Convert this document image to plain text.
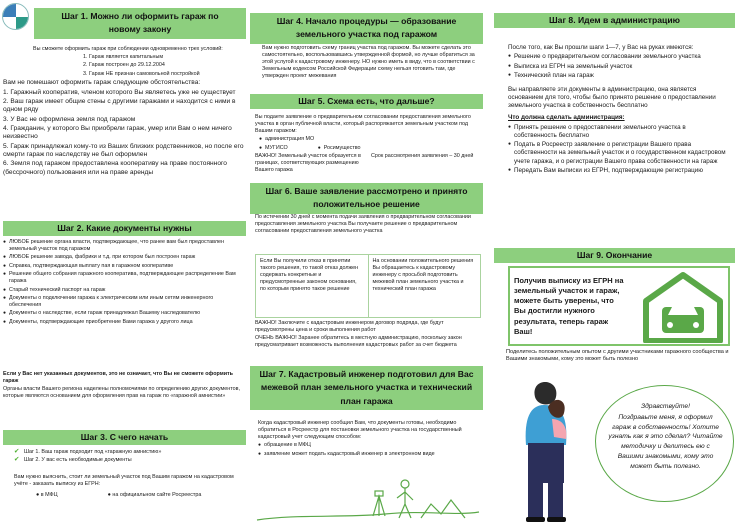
Шаг 1. Можно ли оформить гараж по новому закону

Вы сможете оформить гараж при соблюдении одновременно трех условий:

1. Гараж является капитальным

2. Гараж построен до 29.12.2004

3. Гараж НЕ признан самовольной постройкой

Вам не помешают оформить гараж следующие обстоятельства:

1. Гаражный кооператив, членом которого Вы являетесь уже не существует

2. Ваш гараж имеет общие стены с другими гаражами и находится с ними в одном ряду

3. У Вас не оформлена земля под гаражом

4. Гражданин, у которого Вы приобрели гараж, умер или Вам о нем ничего неизвестно

5. Гараж принадлежал кому-то из Ваших близких родственников, но после его смерти гараж по наследству не был оформлен

6. Земля под гаражом предоставлена кооперативу на праве постоянного (бессрочного) пользования или на праве аренды

Шаг 2. Какие документы нужны
● ЛЮБОЕ решение органа власти, подтверждающее, что ранее вам был предоставлен земельный участок под гаражом
● ЛЮБОЕ решение завода, фабрики и т.д. при котором был построен гараж
● Справка, подтверждающая выплату пая в гаражном кооперативе
● Решение общего собрания гаражного кооператива, подтверждающее распределение Вам гаража
● Старый технический паспорт на гараж
● Документы о подключении гаража к электрическим или иным сетям инженерного обеспечения
● Документы о наследстве, если гараж принадлежал Вашему наследователю
● Документы, подтверждающие приобретение Вами гаража у другого лица

Если у Вас нет указанных документов, это не означает, что Вы не сможете оформить гараж

Органы власти Вашего региона наделены полномочиями по определению других документов, которые являются основанием для оформления прав на гараж по «гаражной амнистии»

Шаг 3. С чего начать
✔ Шаг 1. Ваш гараж подходит под «гаражную амнистию»
✔ Шаг 2. У вас есть необходимые документы

Вам нужно выяснить, стоит ли земельный участок под Вашим гаражом на кадастровом учёте - заказать выписку из ЕГРН:

● в МФЦ	● на официальном сайте Росреестра
Шаг 4. Начало процедуры — образование земельного участка под гаражом

Вам нужно подготовить схему границ участка под гаражом. Вы можете сделать это самостоятельно, воспользовавшись утвержденной формой, но лучше обратиться за этой услугой к кадастровому инженеру. НО нужно иметь в виду, что в соответствии с Земельным кодексом Российской Федерации схему нельзя готовить там, где утвержден проект межевания

Шаг 5. Схема есть, что дальше?

Вы подаете заявление о предварительном согласовании предоставления земельного участка в орган публичной власти, который распоряжается земельным участком под Вашим гаражом:

● администрация МО
● МУГИСО
●	Росимущество

ВАЖНО! Земельный участок образуется в границах, соответствующих размещению Вашего гаража

Срок рассмотрения заявления – 30 дней

Шаг 6. Ваше заявление рассмотрено и принято положительное решение

По истечении 30 дней с момента подачи заявления о предварительном согласовании предоставления земельного участка Вы получаете решение о предварительном согласовании предоставления земельного участка

Если Вы получили отказ в принятии такого решения, то такой отказ должен содержать конкретные и предусмотренные законом основания, по которым принято такое решение
На основании положительного решения Вы обращаетесь к кадастровому инженеру с просьбой подготовить межевой план земельного участка и технический план гаража

ВАЖНО! Заключите с кадастровым инженером договор подряда, где будут предусмотрены цена и сроки выполнения работ

ОЧЕНЬ ВАЖНО! Заранее обратитесь в местную администрацию, поскольку закон предусматривает возможность выполнения кадастровых работ за счет бюджета

Шаг 7. Кадастровый инженер подготовил для Вас межевой план земельного участка и технический план гаража

Когда кадастровый инженер сообщил Вам, что документы готовы, необходимо обратиться в Росреестр для постановки земельного участка на государственный кадастровый учет следующим способом:

● обращение в МФЦ
● заявление может подать кадастровый инженер в электронном виде
Шаг 8. Идем в администрацию

После того, как Вы прошли шаги 1—7, у Вас на руках имеются:

● Решение о предварительном согласовании земельного участка
● Выписка из ЕГРН на земельный участок
● Технический план на гараж

Вы направляете эти документы в администрацию, она является основанием для того, чтобы было принято решение о предоставлении земельного участка в собственность бесплатно

Что должна сделать администрация:

● Принять решение о предоставлении земельного участка в собственность бесплатно
● Подать в Росреестр заявление о регистрации Вашего права собственности на земельный участок и о государственном кадастровом учете гаража, и о регистрации Вашего права собственности на гараж
● Передать Вам выписки из ЕГРН, подтверждающие регистрацию
Шаг 9. Окончание

Получив выписку из ЕГРН на земельный участок и гараж, можете быть уверены, что Вы достигли нужного результата, теперь гараж Ваш!

Поделитесь положительным опытом с другими участниками гаражного сообщества и Вашими знакомыми, кому это может быть полезно

Здравствуйте!

Поздравьте меня, я оформил гараж в собственность! Хотите узнать как я это сделал? Читайте методичку и делитесь ею с Вашими знакомыми, кому это может быть полезно.
